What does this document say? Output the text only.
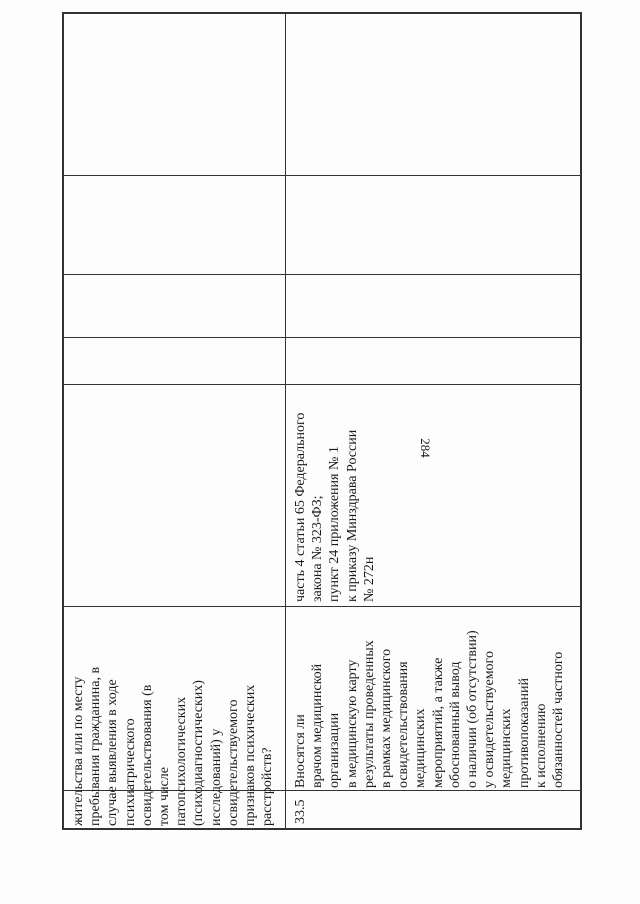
284
жительства или по месту
пребывания гражданина, в
случае выявления в ходе
психиатрического
освидетельствования (в
том числе
патопсихологических
(психодиагностических)
исследований) у
освидетельствуемого
признаков психических
расстройств? 33.5
Вносятся ли
врачом медицинской
организации
в медицинскую карту
результаты проведенных
в рамках медицинского
освидетельствования
медицинских
мероприятий, а также
обоснованный вывод
о наличии (об отсутствии)
у освидетельствуемого
медицинских
противопоказаний
к исполнению
обязанностей частного
часть 4 статьи 65 Федерального
закона № 323-ФЗ;
пункт 24 приложения № 1
к приказу Минздрава России
№ 272н
